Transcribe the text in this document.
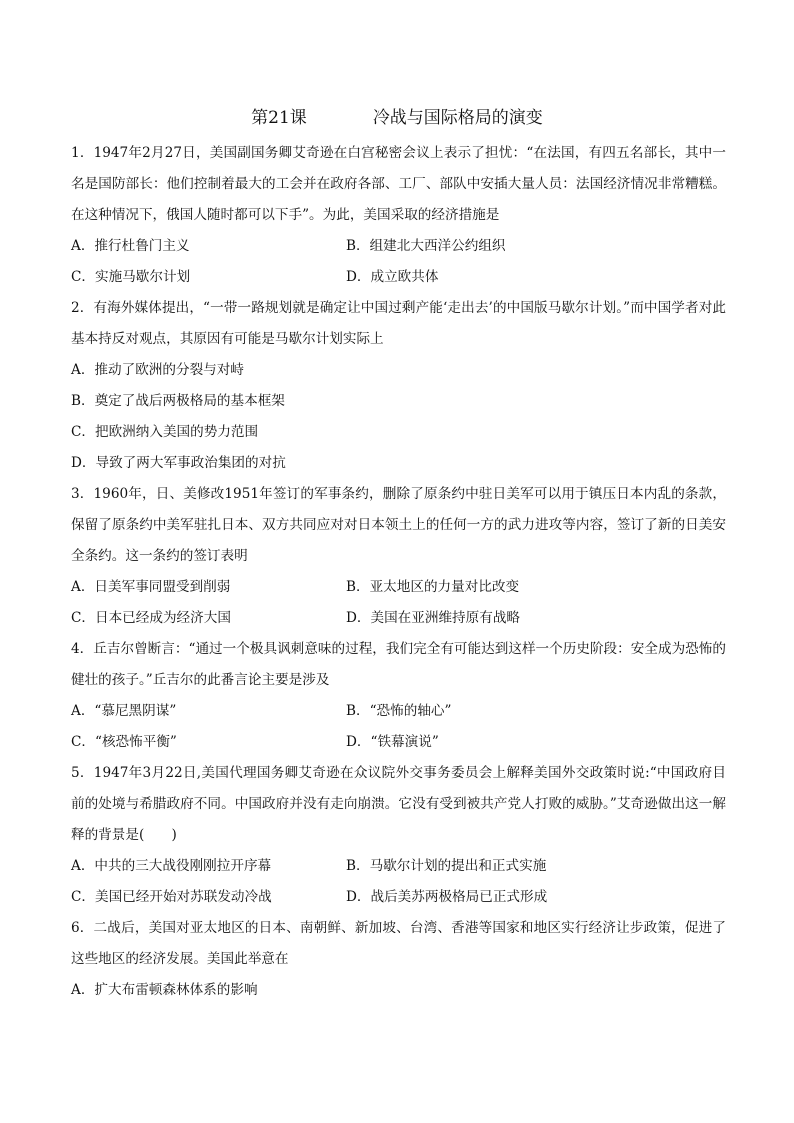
第21课	冷战与国际格局的演变

1．1947年2月27日，美国副国务卿艾奇逊在白宫秘密会议上表示了担忧：“在法国，有四五名部长，其中一名是国防部长：他们控制着最大的工会并在政府各部、工厂、部队中安插大量人员：法国经济情况非常糟糕。在这种情况下，俄国人随时都可以下手”。为此，美国采取的经济措施是

A．推行杜鲁门主义	B．组建北大西洋公约组织
C．实施马歇尔计划	D．成立欧共体

2．有海外媒体提出，“一带一路规划就是确定让中国过剩产能‘走出去’的中国版马歇尔计划。”而中国学者对此基本持反对观点，其原因有可能是马歇尔计划实际上

A．推动了欧洲的分裂与对峙
B．奠定了战后两极格局的基本框架
C．把欧洲纳入美国的势力范围
D．导致了两大军事政治集团的对抗

3．1960年，日、美修改1951年签订的军事条约，删除了原条约中驻日美军可以用于镇压日本内乱的条款，保留了原条约中美军驻扎日本、双方共同应对对日本领土上的任何一方的武力进攻等内容，签订了新的日美安全条约。这一条约的签订表明

A．日美军事同盟受到削弱	B．亚太地区的力量对比改变
C．日本已经成为经济大国	D．美国在亚洲维持原有战略

4．丘吉尔曾断言：“通过一个极具讽刺意味的过程，我们完全有可能达到这样一个历史阶段：安全成为恐怖的健壮的孩子。”丘吉尔的此番言论主要是涉及

A．“慕尼黑阴谋”	B．“恐怖的轴心”
C．“核恐怖平衡”	D．“铁幕演说”

5．1947年3月22日,美国代理国务卿艾奇逊在众议院外交事务委员会上解释美国外交政策时说:“中国政府目前的处境与希腊政府不同。中国政府并没有走向崩溃。它没有受到被共产党人打败的威胁。”艾奇逊做出这一解释的背景是(　　)

A．中共的三大战役刚刚拉开序幕	B．马歇尔计划的提出和正式实施
C．美国已经开始对苏联发动冷战	D．战后美苏两极格局已正式形成

6．二战后，美国对亚太地区的日本、南朝鲜、新加坡、台湾、香港等国家和地区实行经济让步政策，促进了这些地区的经济发展。美国此举意在

A．扩大布雷顿森林体系的影响
